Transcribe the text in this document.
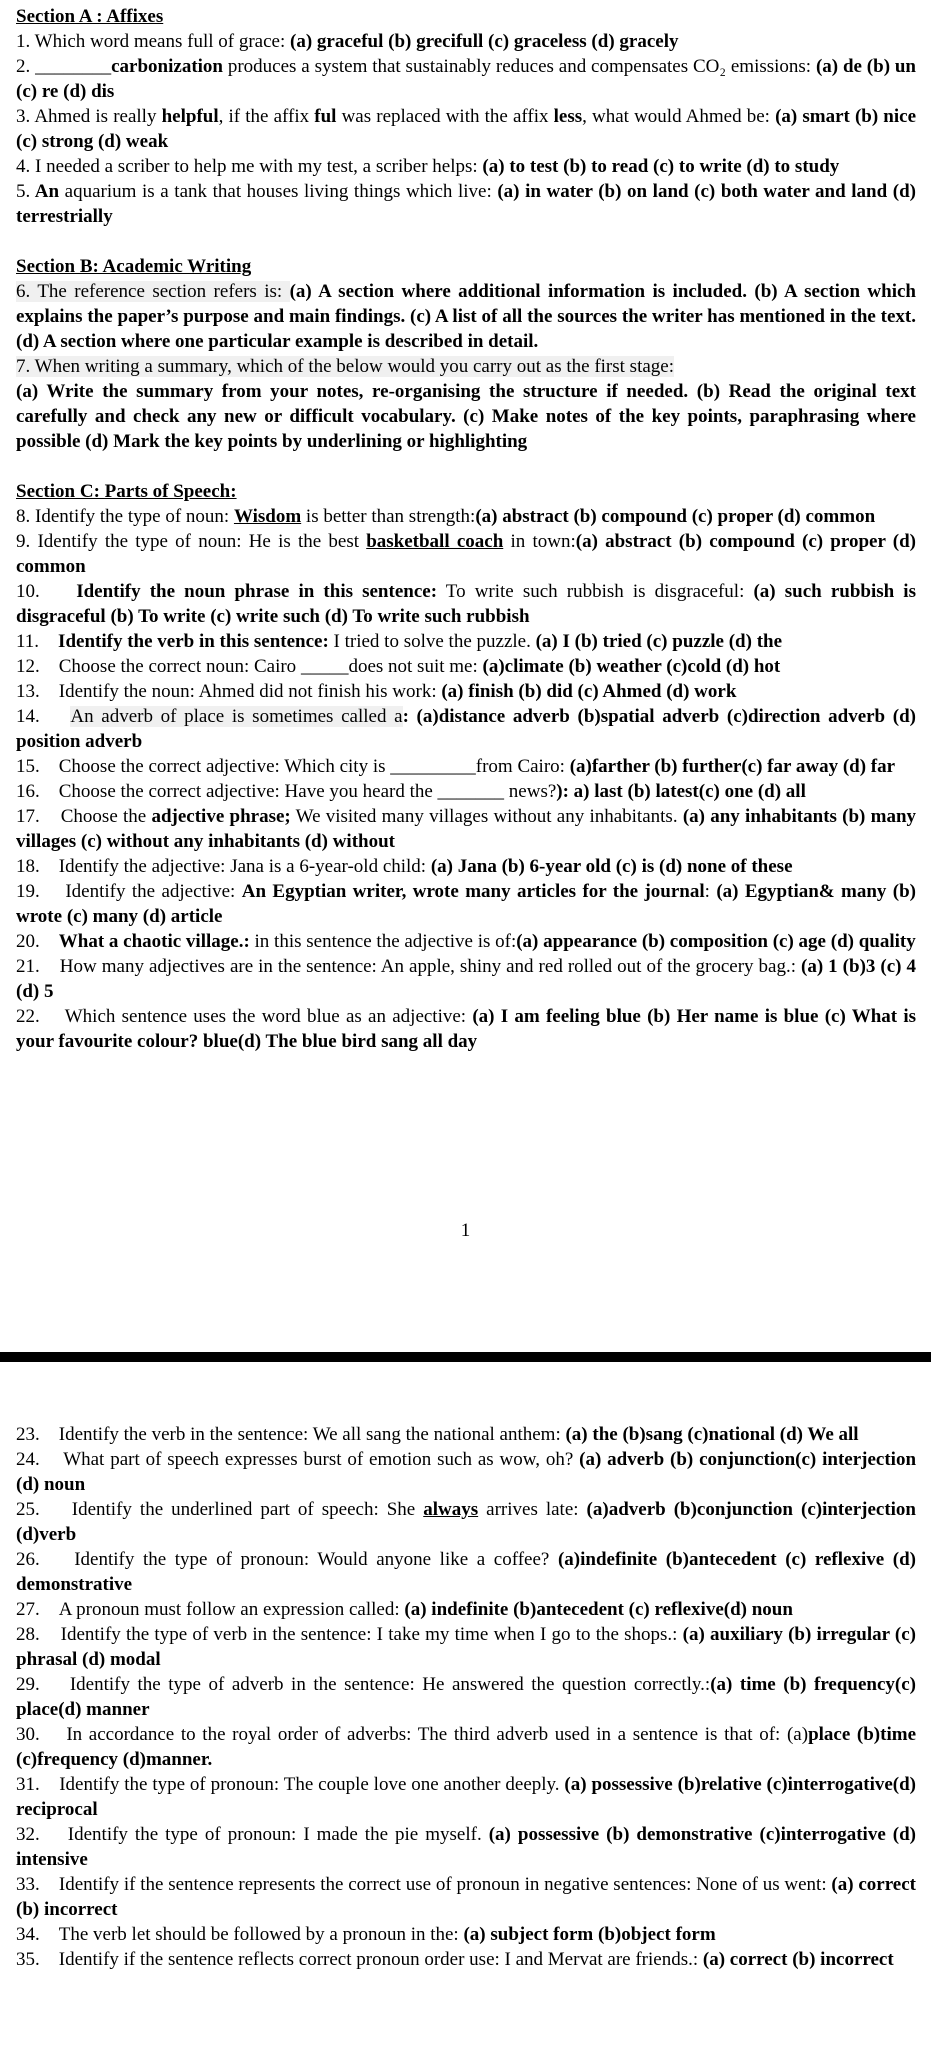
Section A : Affixes

1. Which word means full of grace: (a) graceful (b) grecifull (c) graceless (d) gracely

2. ________carbonization produces a system that sustainably reduces and compensates CO₂ emissions: (a) de (b) un (c) re (d) dis

3. Ahmed is really helpful, if the affix ful was replaced with the affix less, what would Ahmed be: (a) smart (b) nice (c) strong (d) weak

4. I needed a scriber to help me with my test, a scriber helps: (a) to test (b) to read (c) to write (d) to study

5. An aquarium is a tank that houses living things which live: (a) in water (b) on land (c) both water and land (d) terrestrially

Section B: Academic Writing

6. The reference section refers is: (a) A section where additional information is included. (b) A section which explains the paper’s purpose and main findings. (c) A list of all the sources the writer has mentioned in the text. (d) A section where one particular example is described in detail.

7. When writing a summary, which of the below would you carry out as the first stage:
(a) Write the summary from your notes, re-organising the structure if needed. (b) Read the original text carefully and check any new or difficult vocabulary. (c) Make notes of the key points, paraphrasing where possible (d) Mark the key points by underlining or highlighting

Section C: Parts of Speech:

8. Identify the type of noun: Wisdom is better than strength:(a) abstract (b) compound (c) proper (d) common

9. Identify the type of noun: He is the best basketball coach in town:(a) abstract (b) compound (c) proper (d) common

10. Identify the noun phrase in this sentence: To write such rubbish is disgraceful: (a) such rubbish is disgraceful (b) To write (c) write such (d) To write such rubbish

11. Identify the verb in this sentence: I tried to solve the puzzle. (a) I (b) tried (c) puzzle (d) the

12. Choose the correct noun: Cairo _____does not suit me: (a)climate (b) weather (c)cold (d) hot

13. Identify the noun: Ahmed did not finish his work: (a) finish (b) did (c) Ahmed (d) work

14. An adverb of place is sometimes called a: (a)distance adverb (b)spatial adverb (c)direction adverb (d) position adverb

15. Choose the correct adjective: Which city is _________from Cairo: (a)farther (b) further(c) far away (d) far

16. Choose the correct adjective: Have you heard the _______ news?): a) last (b) latest(c) one (d) all

17. Choose the adjective phrase; We visited many villages without any inhabitants. (a) any inhabitants (b) many villages (c) without any inhabitants (d) without

18. Identify the adjective: Jana is a 6-year-old child: (a) Jana (b) 6-year old (c) is (d) none of these

19. Identify the adjective: An Egyptian writer, wrote many articles for the journal: (a) Egyptian& many (b) wrote (c) many (d) article

20. What a chaotic village.: in this sentence the adjective is of:(a) appearance (b) composition (c) age (d) quality

21. How many adjectives are in the sentence: An apple, shiny and red rolled out of the grocery bag.: (a) 1 (b)3 (c) 4 (d) 5

22. Which sentence uses the word blue as an adjective: (a) I am feeling blue (b) Her name is blue (c) What is your favourite colour? blue(d) The blue bird sang all day

1

23. Identify the verb in the sentence: We all sang the national anthem: (a) the (b)sang (c)national (d) We all

24. What part of speech expresses burst of emotion such as wow, oh? (a) adverb (b) conjunction(c) interjection (d) noun

25. Identify the underlined part of speech: She always arrives late: (a)adverb (b)conjunction (c)interjection (d)verb

26. Identify the type of pronoun: Would anyone like a coffee? (a)indefinite (b)antecedent (c) reflexive (d) demonstrative

27. A pronoun must follow an expression called: (a) indefinite (b)antecedent (c) reflexive(d) noun

28. Identify the type of verb in the sentence: I take my time when I go to the shops.: (a) auxiliary (b) irregular (c) phrasal (d) modal

29. Identify the type of adverb in the sentence: He answered the question correctly.:(a) time (b) frequency(c) place(d) manner

30. In accordance to the royal order of adverbs: The third adverb used in a sentence is that of: (a)place (b)time (c)frequency (d)manner.

31. Identify the type of pronoun: The couple love one another deeply. (a) possessive (b)relative (c)interrogative(d) reciprocal

32. Identify the type of pronoun: I made the pie myself. (a) possessive (b) demonstrative (c)interrogative (d) intensive

33. Identify if the sentence represents the correct use of pronoun in negative sentences: None of us went: (a) correct (b) incorrect

34. The verb let should be followed by a pronoun in the: (a) subject form (b)object form

35. Identify if the sentence reflects correct pronoun order use: I and Mervat are friends.: (a) correct (b) incorrect
